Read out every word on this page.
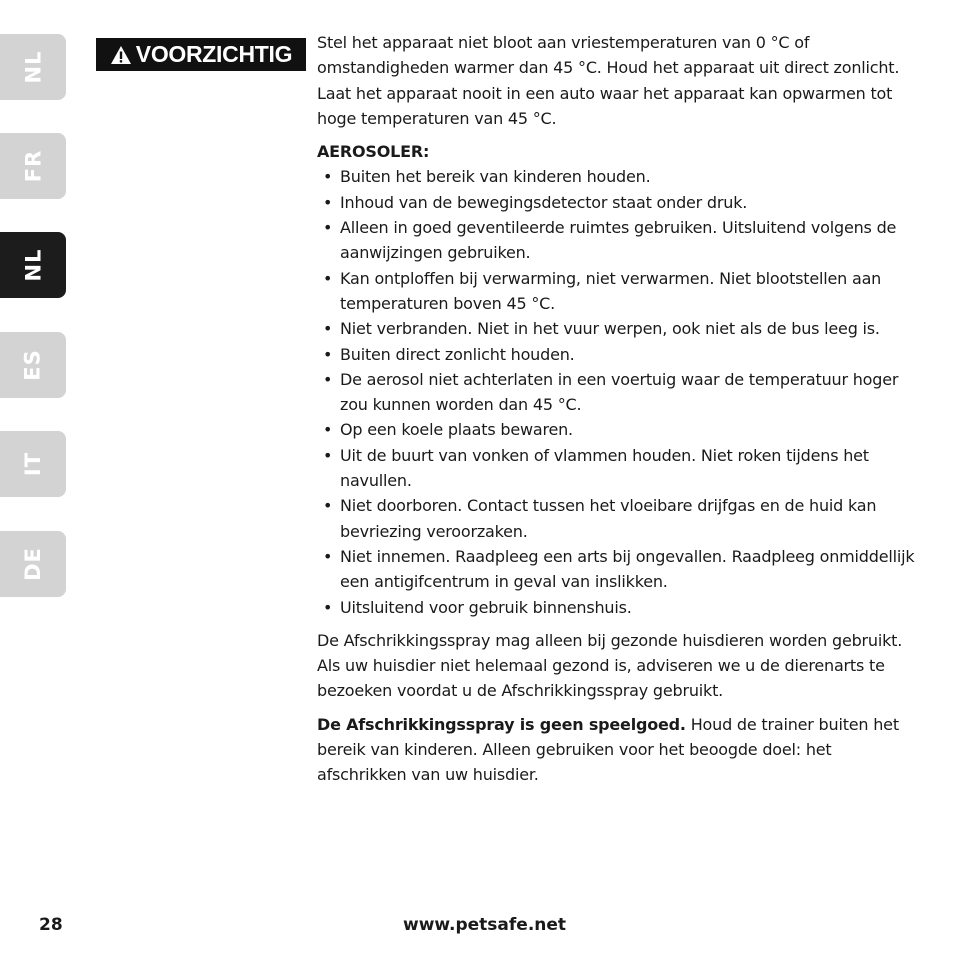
NL
FR
NL
ES
IT
DE
VOORZICHTIG Stel het apparaat niet bloot aan vriestemperaturen van 0 °C of omstandigheden warmer dan 45 °C. Houd het apparaat uit direct zonlicht. Laat het apparaat nooit in een auto waar het apparaat kan opwarmen tot hoge temperaturen van 45 °C.

AEROSOLER:

• Buiten het bereik van kinderen houden.
• Inhoud van de bewegingsdetector staat onder druk.
• Alleen in goed geventileerde ruimtes gebruiken. Uitsluitend volgens de aanwijzingen gebruiken.
• Kan ontploffen bij verwarming, niet verwarmen. Niet blootstellen aan temperaturen boven 45 °C.
• Niet verbranden. Niet in het vuur werpen, ook niet als de bus leeg is.
• Buiten direct zonlicht houden.
• De aerosol niet achterlaten in een voertuig waar de temperatuur hoger zou kunnen worden dan 45 °C.
• Op een koele plaats bewaren.
• Uit de buurt van vonken of vlammen houden. Niet roken tijdens het navullen.
• Niet doorboren. Contact tussen het vloeibare drijfgas en de huid kan bevriezing veroorzaken.
• Niet innemen. Raadpleeg een arts bij ongevallen. Raadpleeg onmiddellijk een antigifcentrum in geval van inslikken.
• Uitsluitend voor gebruik binnenshuis.

De Afschrikkingsspray mag alleen bij gezonde huisdieren worden gebruikt. Als uw huisdier niet helemaal gezond is, adviseren we u de dierenarts te bezoeken voordat u de Afschrikkingsspray gebruikt.

De Afschrikkingsspray is geen speelgoed. Houd de trainer buiten het bereik van kinderen. Alleen gebruiken voor het beoogde doel: het afschrikken van uw huisdier.

28	www.petsafe.net
